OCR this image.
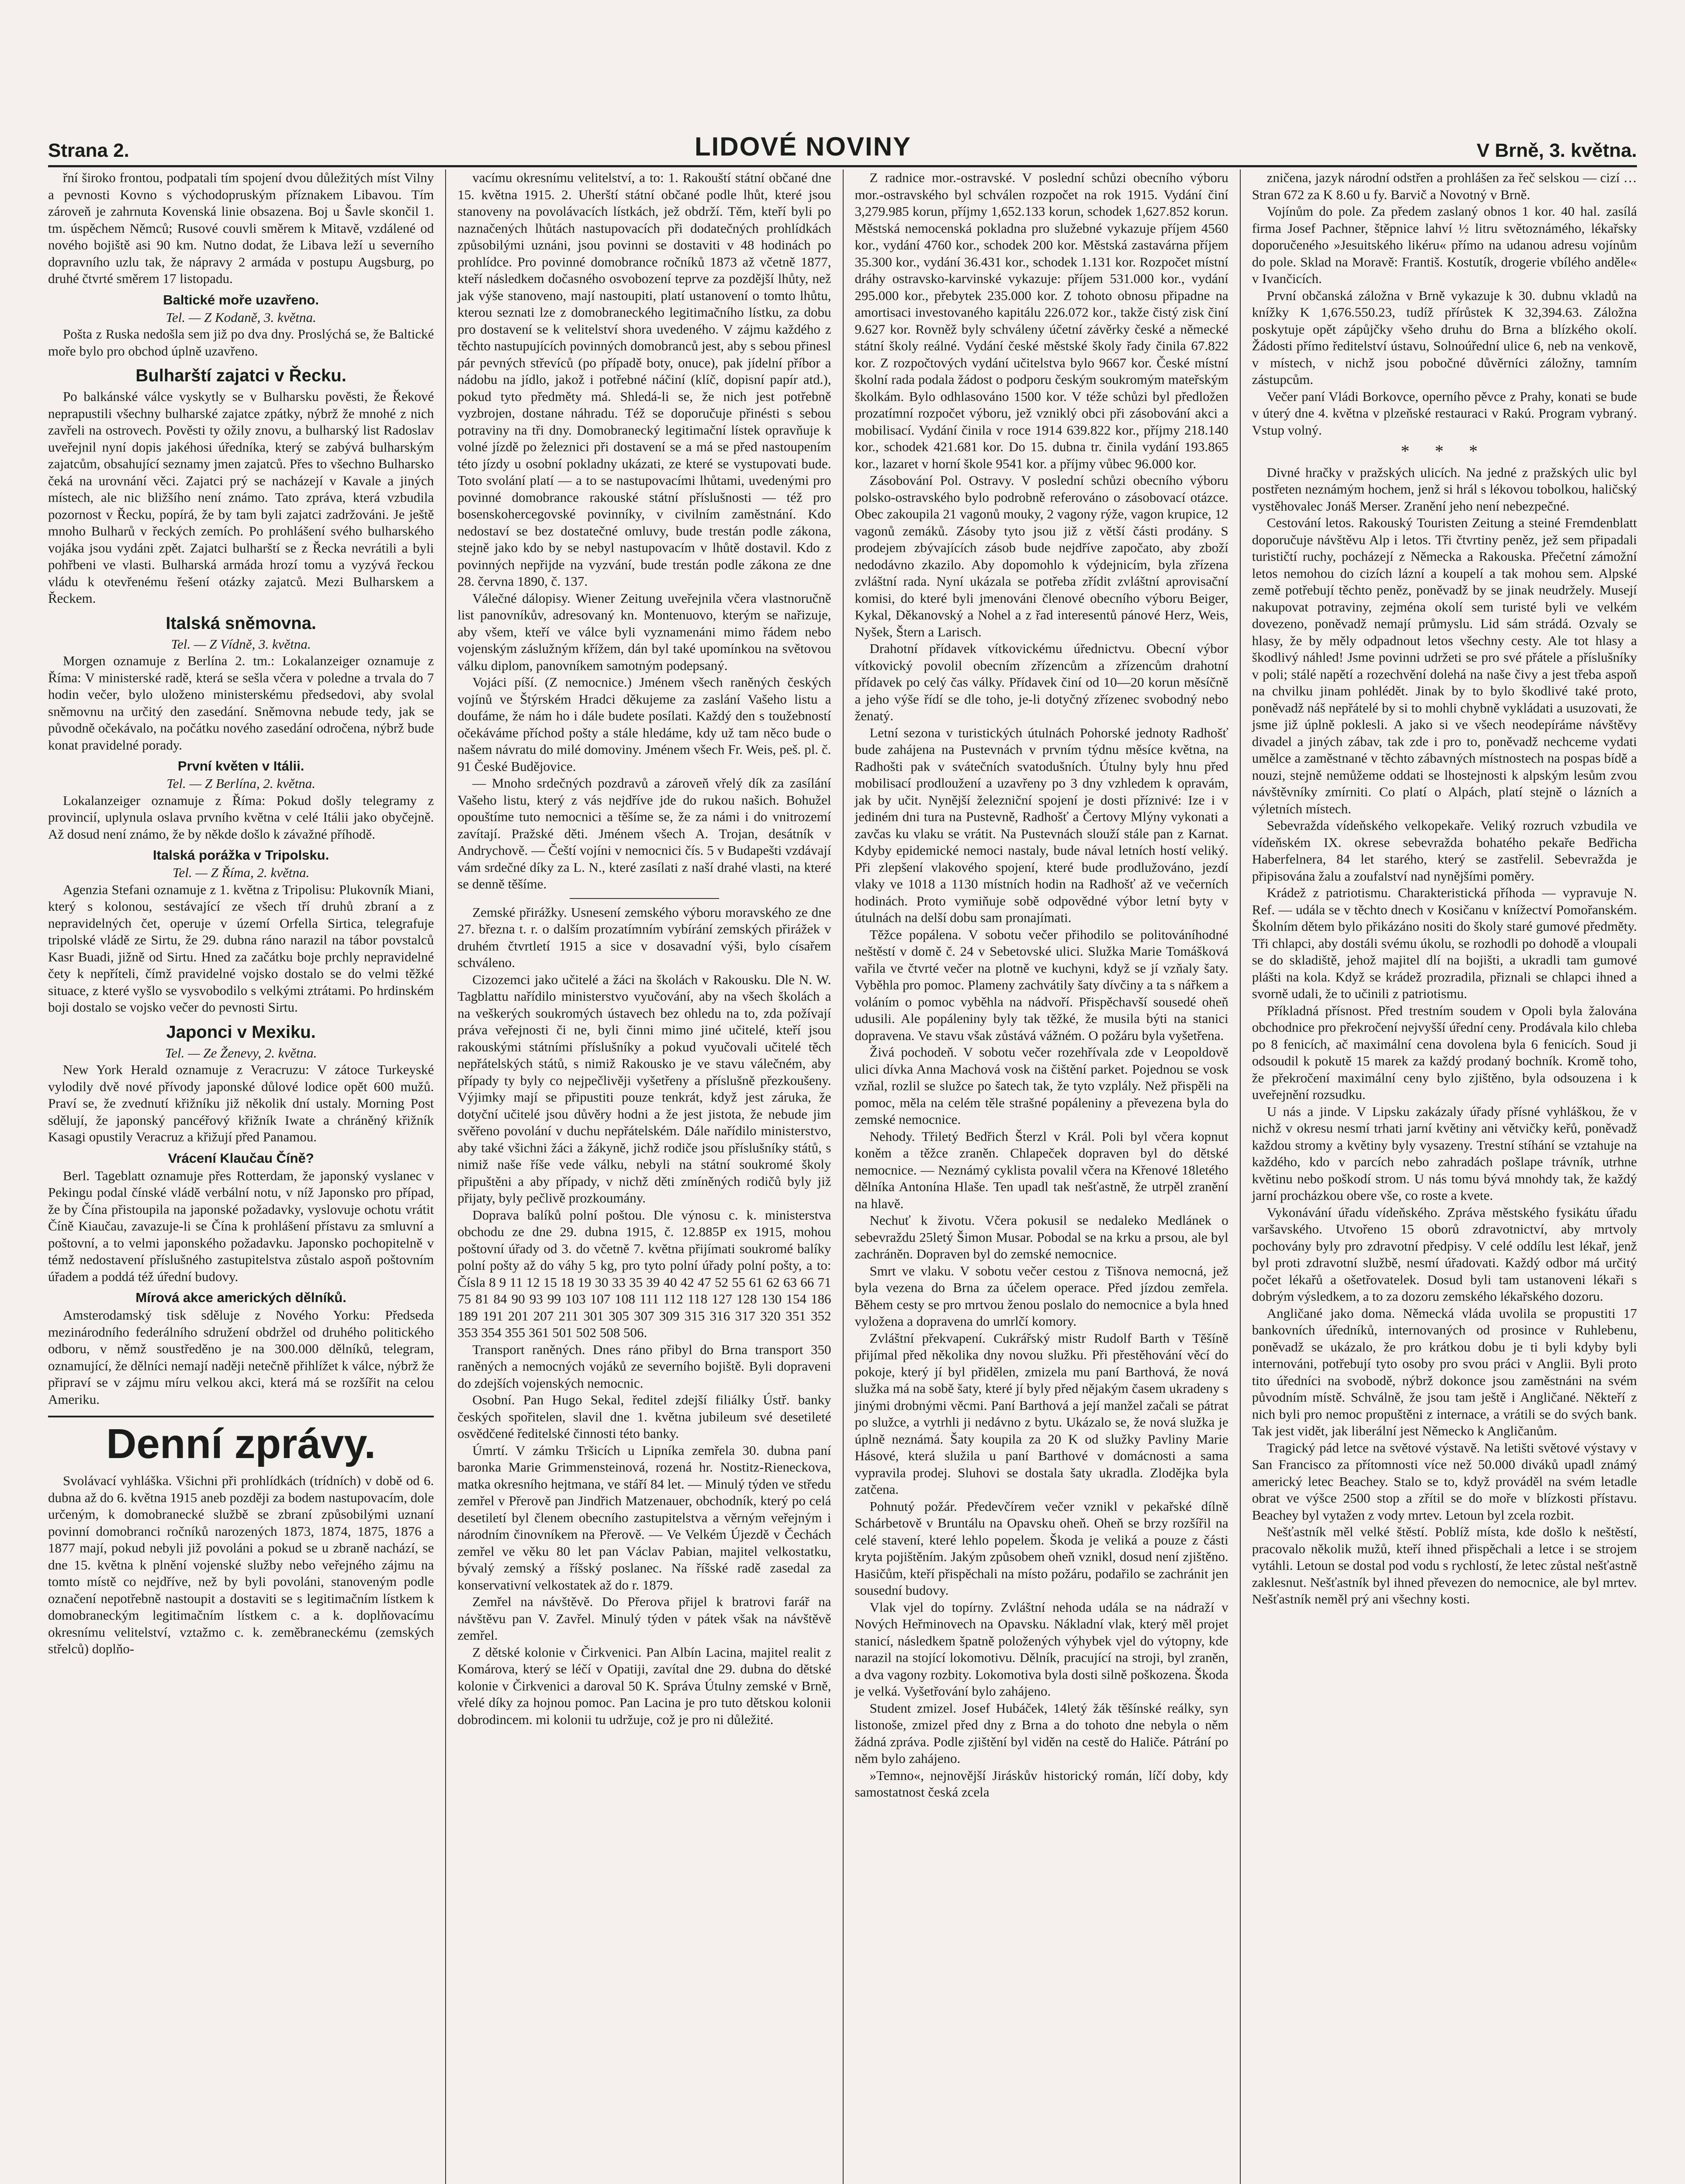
Strana 2.	LIDOVÉ NOVINY	V Brně, 3. května.

řní široko frontou, podpatali tím spojení dvou důležitých míst Vilny a pevnosti Kovno s východopruským příznakem Libavou. Tím zároveň je zahrnuta Kovenská linie obsazena. Boj u Šavle skončil 1. tm. úspěchem Němců; Rusové couvli směrem k Mitavě, vzdálené od nového bojiště asi 90 km. Nutno dodat, že Libava leží u severního dopravního uzlu tak, že nápravy 2 armáda v postupu Augsburg, po druhé čtvrté směrem 17 listopadu.

Baltické moře uzavřeno.

Tel. — Z Kodaně, 3. května.

Pošta z Ruska nedošla sem již po dva dny. Proslýchá se, že Baltické moře bylo pro obchod úplně uzavřeno.

Bulharští zajatci v Řecku.

Po balkánské válce vyskytly se v Bulharsku pověsti, že Řekové neprapustili všechny bulharské zajatce zpátky, nýbrž že mnohé z nich zavřeli na ostrovech. Pověsti ty ožily znovu, a bulharský list Radoslav uveřejnil nyní dopis jakéhosi úředníka, který se zabývá bulharským zajatcům, obsahující seznamy jmen zajatců. Přes to všechno Bulharsko čeká na urovnání věci. Zajatci prý se nacházejí v Kavale a jiných místech, ale nic bližšího není známo. Tato zpráva, která vzbudila pozornost v Řecku, popírá, že by tam byli zajatci zadržováni. Je ještě mnoho Bulharů v řeckých zemích. Po prohlášení svého bulharského vojáka jsou vydáni zpět. Zajatci bulharští se z Řecka nevrátili a byli pohřbeni ve vlasti. Bulharská armáda hrozí tomu a vyzývá řeckou vládu k otevřenému řešení otázky zajatců. Mezi Bulharskem a Řeckem.

Italská sněmovna.

Tel. — Z Vídně, 3. května.

Morgen oznamuje z Berlína 2. tm.: Lokalanzeiger oznamuje z Říma: V ministerské radě, která se sešla včera v poledne a trvala do 7 hodin večer, bylo uloženo ministerskému předsedovi, aby svolal sněmovnu na určitý den zasedání. Sněmovna nebude tedy, jak se původně očekávalo, na počátku nového zasedání odročena, nýbrž bude konat pravidelné porady.

První květen v Itálii.

Tel. — Z Berlína, 2. května.

Lokalanzeiger oznamuje z Říma: Pokud došly telegramy z provincií, uplynula oslava prvního května v celé Itálii jako obyčejně. Až dosud není známo, že by někde došlo k závažné příhodě.

Italská porážka v Tripolsku.

Tel. — Z Říma, 2. května.

Agenzia Stefani oznamuje z 1. května z Tripolisu: Plukovník Miani, který s kolonou, sestávající ze všech tří druhů zbraní a z nepravidelných čet, operuje v území Orfella Sirtica, telegrafuje tripolské vládě ze Sirtu, že 29. dubna ráno narazil na tábor povstalců Kasr Buadi, jižně od Sirtu. Hned za začátku boje prchly nepravidelné čety k nepříteli, čímž pravidelné vojsko dostalo se do velmi těžké situace, z které vyšlo se vysvobodilo s velkými ztrátami. Po hrdinském boji dostalo se vojsko večer do pevnosti Sirtu.

Japonci v Mexiku.

Tel. — Ze Ženevy, 2. května.

New York Herald oznamuje z Veracruzu: V zátoce Turkeyské vylodily dvě nové přívody japonské důlové lodice opět 600 mužů. Praví se, že zvednutí křižníku již několik dní ustaly. Morning Post sdělují, že japonský pancéřový křižník Iwate a chráněný křižník Kasagi opustily Veracruz a křižují před Panamou.

Vrácení Klaučau Číně?

Berl. Tageblatt oznamuje přes Rotterdam, že japonský vyslanec v Pekingu podal čínské vládě verbální notu, v níž Japonsko pro případ, že by Čína přistoupila na japonské požadavky, vyslovuje ochotu vrátit Číně Kiaučau, zavazuje-li se Čína k prohlášení přístavu za smluvní a poštovní, a to velmi japonského požadavku. Japonsko pochopitelně v témž nedostavení příslušného zastupitelstva zůstalo aspoň poštovním úřadem a poddá též úřední budovy.

Mírová akce amerických dělníků.

Amsterodamský tisk sděluje z Nového Yorku: Předseda mezinárodního federálního sdružení obdržel od druhého politického odboru, v němž soustředěno je na 300.000 dělníků, telegram, oznamující, že dělníci nemají naději netečně přihlížet k válce, nýbrž že připraví se v zájmu míru velkou akci, která má se rozšířit na celou Ameriku.

Denní zprávy.

Svolávací vyhláška. Všichni při prohlídkách (trídních) v době od 6. dubna až do 6. května 1915 aneb později za bodem nastupovacím, dole určeným, k domobranecké službě se zbraní způsobilými uznaní povinní domobranci ročníků narozených 1873, 1874, 1875, 1876 a 1877 mají, pokud nebyli již povoláni a pokud se u zbraně nachází, se dne 15. května k plnění vojenské služby nebo veřejného zájmu na tomto místě co nejdříve, než by byli povoláni, stanoveným podle označení nepotřebně nastoupit a dostaviti se s legitimačním lístkem k domobraneckým legitimačním lístkem c. a k. doplňovacímu okresnímu velitelství, vztažmo c. k. zeměbraneckému (zemských střelců) doplňo-

vacímu okresnímu velitelství, a to: 1. Rakouští státní občané dne 15. května 1915. 2. Uherští státní občané podle lhůt, které jsou stanoveny na povolávacích lístkách, jež obdrží. Těm, kteří byli po naznačených lhůtách nastupovacích při dodatečných prohlídkách způsobilými uznáni, jsou povinni se dostaviti v 48 hodinách po prohlídce. Pro povinné domobrance ročníků 1873 až včetně 1877, kteří následkem dočasného osvobození teprve za pozdější lhůty, než jak výše stanoveno, mají nastoupiti, platí ustanovení o tomto lhůtu, kterou seznati lze z domobraneckého legitimačního lístku, za dobu pro dostavení se k velitelství shora uvedeného. V zájmu každého z těchto nastupujících povinných domobranců jest, aby s sebou přinesl pár pevných střevíců (po případě boty, onuce), pak jídelní příbor a nádobu na jídlo, jakož i potřebné náčiní (klíč, dopisní papír atd.), pokud tyto předměty má. Shledá-li se, že nich jest potřebně vyzbrojen, dostane náhradu. Též se doporučuje přinésti s sebou potraviny na tři dny. Domobranecký legitimační lístek opravňuje k volné jízdě po železnici při dostavení se a má se před nastoupením této jízdy u osobní pokladny ukázati, ze které se vystupovati bude. Toto svolání platí — a to se nastupovacími lhůtami, uvedenými pro povinné domobrance rakouské státní příslušnosti — též pro bosenskohercegovské povinníky, v civilním zaměstnání. Kdo nedostaví se bez dostatečné omluvy, bude trestán podle zákona, stejně jako kdo by se nebyl nastupovacím v lhůtě dostavil. Kdo z povinných nepřijde na vyzvání, bude trestán podle zákona ze dne 28. června 1890, č. 137.

Válečné dálopisy. Wiener Zeitung uveřejnila včera vlastnoručně list panovníkův, adresovaný kn. Montenuovo, kterým se nařizuje, aby všem, kteří ve válce byli vyznamenáni mimo řádem nebo vojenským záslužným křížem, dán byl také upomínkou na světovou válku diplom, panovníkem samotným podepsaný.

Vojáci píší. (Z nemocnice.) Jménem všech raněných českých vojínů ve Štýrském Hradci děkujeme za zaslání Vašeho listu a doufáme, že nám ho i dále budete posílati. Každý den s toužebností očekáváme příchod pošty a stále hledáme, kdy už tam něco bude o našem návratu do milé domoviny. Jménem všech Fr. Weis, peš. pl. č. 91 České Budějovice.

— Mnoho srdečných pozdravů a zároveň vřelý dík za zasílání Vašeho listu, který z vás nejdříve jde do rukou našich. Bohužel opouštíme tuto nemocnici a těšíme se, že za námi i do vnitrozemí zavítají. Pražské děti. Jménem všech A. Trojan, desátník v Andrychově. — Čeští vojíni v nemocnici čís. 5 v Budapešti vzdávají vám srdečné díky za L. N., které zasílati z naší drahé vlasti, na které se denně těšíme.

Zemské přirážky. Usnesení zemského výboru moravského ze dne 27. března t. r. o dalším prozatímním vybírání zemských přirážek v druhém čtvrtletí 1915 a sice v dosavadní výši, bylo císařem schváleno.

Cizozemci jako učitelé a žáci na školách v Rakousku. Dle N. W. Tagblattu nařídilo ministerstvo vyučování, aby na všech školách a na veškerých soukromých ústavech bez ohledu na to, zda požívají práva veřejnosti či ne, byli činni mimo jiné učitelé, kteří jsou rakouskými státními příslušníky a pokud vyučovali učitelé těch nepřátelských států, s nimiž Rakousko je ve stavu válečném, aby případy ty byly co nejpečlivěji vyšetřeny a příslušně přezkoušeny. Výjimky mají se připustiti pouze tenkrát, když jest záruka, že dotyční učitelé jsou důvěry hodni a že jest jistota, že nebude jim svěřeno povolání v duchu nepřátelském. Dále nařídilo ministerstvo, aby také všichni žáci a žákyně, jichž rodiče jsou příslušníky států, s nimiž naše říše vede válku, nebyli na státní soukromé školy připuštěni a aby případy, v nichž děti zmíněných rodičů byly již přijaty, byly pečlivě prozkoumány.

Doprava balíků polní poštou. Dle výnosu c. k. ministerstva obchodu ze dne 29. dubna 1915, č. 12.885P ex 1915, mohou poštovní úřady od 3. do včetně 7. května přijímati soukromé balíky polní pošty až do váhy 5 kg, pro tyto polní úřady polní pošty, a to: Čísla 8 9 11 12 15 18 19 30 33 35 39 40 42 47 52 55 61 62 63 66 71 75 81 84 90 93 99 103 107 108 111 112 118 127 128 130 154 186 189 191 201 207 211 301 305 307 309 315 316 317 320 351 352 353 354 355 361 501 502 508 506.

Transport raněných. Dnes ráno přibyl do Brna transport 350 raněných a nemocných vojáků ze severního bojiště. Byli dopraveni do zdejších vojenských nemocnic.

Osobní. Pan Hugo Sekal, ředitel zdejší filiálky Ústř. banky českých spořitelen, slavil dne 1. května jubileum své desetileté osvědčené ředitelské činnosti této banky.

Úmrtí. V zámku Tršicích u Lipníka zemřela 30. dubna paní baronka Marie Grimmensteinová, rozená hr. Nostitz-Rieneckova, matka okresního hejtmana, ve stáří 84 let. — Minulý týden ve středu zemřel v Přerově pan Jindřich Matzenauer, obchodník, který po celá desetiletí byl členem obecního zastupitelstva a věrným veřejným i národním činovníkem na Přerově. — Ve Velkém Újezdě v Čechách zemřel ve věku 80 let pan Václav Pabian, majitel velkostatku, bývalý zemský a říšský poslanec. Na říšské radě zasedal za konservativní velkostatek až do r. 1879.

Zemřel na návštěvě. Do Přerova přijel k bratrovi farář na návštěvu pan V. Zavřel. Minulý týden v pátek však na návštěvě zemřel.

Z dětské kolonie v Čirkvenici. Pan Albín Lacina, majitel realit z Komárova, který se léčí v Opatiji, zavítal dne 29. dubna do dětské kolonie v Čirkvenici a daroval 50 K. Správa Útulny zemské v Brně, vřelé díky za hojnou pomoc. Pan Lacina je pro tuto dětskou kolonii dobrodincem. mi kolonii tu udržuje, což je pro ni důležité.

Z radnice mor.-ostravské. V poslední schůzi obecního výboru mor.-ostravského byl schválen rozpočet na rok 1915. Vydání činí 3,279.985 korun, příjmy 1,652.133 korun, schodek 1,627.852 korun. Městská nemocenská pokladna pro služebné vykazuje příjem 4560 kor., vydání 4760 kor., schodek 200 kor. Městská zastavárna příjem 35.300 kor., vydání 36.431 kor., schodek 1.131 kor. Rozpočet místní dráhy ostravsko-karvinské vykazuje: příjem 531.000 kor., vydání 295.000 kor., přebytek 235.000 kor. Z tohoto obnosu připadne na amortisaci investovaného kapitálu 226.072 kor., takže čistý zisk činí 9.627 kor. Rovněž byly schváleny účetní závěrky české a německé státní školy reálné. Vydání české městské školy řady činila 67.822 kor. Z rozpočtových vydání učitelstva bylo 9667 kor. České místní školní rada podala žádost o podporu českým soukromým mateřským školkám. Bylo odhlasováno 1500 kor. V téže schůzi byl předložen prozatímní rozpočet výboru, jež vzniklý obci při zásobování akci a mobilisací. Vydání činila v roce 1914 639.822 kor., příjmy 218.140 kor., schodek 421.681 kor. Do 15. dubna tr. činila vydání 193.865 kor., lazaret v horní škole 9541 kor. a příjmy vůbec 96.000 kor.

Zásobování Pol. Ostravy. V poslední schůzi obecního výboru polsko-ostravského bylo podrobně referováno o zásobovací otázce. Obec zakoupila 21 vagonů mouky, 2 vagony rýže, vagon krupice, 12 vagonů zemáků. Zásoby tyto jsou již z větší části prodány. S prodejem zbývajících zásob bude nejdříve započato, aby zboží nedodávno zkazilo. Aby dopomohlo k výdejnicím, byla zřízena zvláštní rada. Nyní ukázala se potřeba zřídit zvláštní aprovisační komisi, do které byli jmenováni členové obecního výboru Beiger, Kykal, Děkanovský a Nohel a z řad interesentů pánové Herz, Weis, Nyšek, Štern a Larisch.

Drahotní přídavek vítkovickému úřednictvu. Obecní výbor vítkovický povolil obecním zřízencům a zřízencům drahotní přídavek po celý čas války. Přídavek činí od 10—20 korun měsíčně a jeho výše řídí se dle toho, je-li dotyčný zřízenec svobodný nebo ženatý.

Letní sezona v turistických útulnách Pohorské jednoty Radhošť bude zahájena na Pustevnách v prvním týdnu měsíce května, na Radhošti pak v svátečních svatodušních. Útulny byly hnu před mobilisací prodloužení a uzavřeny po 3 dny vzhledem k opravám, jak by učit. Nynější železniční spojení je dosti příznivé: Ize i v jediném dni tura na Pustevně, Radhošť a Čertovy Mlýny vykonati a zavčas ku vlaku se vrátit. Na Pustevnách slouží stále pan z Karnat. Kdyby epidemické nemoci nastaly, bude nával letních hostí veliký. Při zlepšení vlakového spojení, které bude prodlužováno, jezdí vlaky ve 1018 a 1130 místních hodin na Radhošť až ve večerních hodinách. Proto vymiňuje sobě odpovědné výbor letní byty v útulnách na delší dobu sam pronajímati.

Těžce popálena. V sobotu večer přihodilo se politováníhodné neštěstí v domě č. 24 v Sebetovské ulici. Služka Marie Tomášková vařila ve čtvrté večer na plotně ve kuchyni, když se jí vzňaly šaty. Vyběhla pro pomoc. Plameny zachvátily šaty dívčiny a ta s nářkem a voláním o pomoc vyběhla na nádvoří. Přispěchavší sousedé oheň udusili. Ale popáleniny byly tak těžké, že musila býti na stanici dopravena. Ve stavu však zůstává vážném. O požáru byla vyšetřena.

Živá pochodeň. V sobotu večer rozehřívala zde v Leopoldově ulici dívka Anna Machová vosk na čištění parket. Pojednou se vosk vzňal, rozlil se služce po šatech tak, že tyto vzplály. Než přispěli na pomoc, měla na celém těle strašné popáleniny a převezena byla do zemské nemocnice.

Nehody. Třiletý Bedřich Šterzl v Král. Poli byl včera kopnut koněm a těžce zraněn. Chlapeček dopraven byl do dětské nemocnice. — Neznámý cyklista povalil včera na Křenové 18letého dělníka Antonína Hlaše. Ten upadl tak nešťastně, že utrpěl zranění na hlavě.

Nechuť k životu. Včera pokusil se nedaleko Medlánek o sebevraždu 25letý Šimon Musar. Pobodal se na krku a prsou, ale byl zachráněn. Dopraven byl do zemské nemocnice.

Smrt ve vlaku. V sobotu večer cestou z Tišnova nemocná, jež byla vezena do Brna za účelem operace. Před jízdou zemřela. Během cesty se pro mrtvou ženou poslalo do nemocnice a byla hned vyložena a dopravena do umrlčí komory.

Zvláštní překvapení. Cukrářský mistr Rudolf Barth v Těšíně přijímal před několika dny novou služku. Při přestěhování věcí do pokoje, který jí byl přidělen, zmizela mu paní Barthová, že nová služka má na sobě šaty, které jí byly před nějakým časem ukradeny s jinými drobnými věcmi. Paní Barthová a její manžel začali se pátrat po služce, a vytrhli ji nedávno z bytu. Ukázalo se, že nová služka je úplně neznámá. Šaty koupila za 20 K od služky Pavliny Marie Hásové, která služila u paní Barthové v domácnosti a sama vypravila prodej. Sluhovi se dostala šaty ukradla. Zlodějka byla zatčena.

Pohnutý požár. Předevčírem večer vznikl v pekařské dílně Schárbetově v Bruntálu na Opavsku oheň. Oheň se brzy rozšířil na celé stavení, které lehlo popelem. Škoda je veliká a pouze z části kryta pojištěním. Jakým způsobem oheň vznikl, dosud není zjištěno. Hasičům, kteří přispěchali na místo požáru, podařilo se zachránit jen sousední budovy.

Vlak vjel do topírny. Zvláštní nehoda udála se na nádraží v Nových Heřminovech na Opavsku. Nákladní vlak, který měl projet stanicí, následkem špatně položených výhybek vjel do výtopny, kde narazil na stojící lokomotivu. Dělník, pracující na stroji, byl zraněn, a dva vagony rozbity. Lokomotiva byla dosti silně poškozena. Škoda je velká. Vyšetřování bylo zahájeno.

Student zmizel. Josef Hubáček, 14letý žák těšínské reálky, syn listonoše, zmizel před dny z Brna a do tohoto dne nebyla o něm žádná zpráva. Podle zjištění byl viděn na cestě do Haliče. Pátrání po něm bylo zahájeno.

»Temno«, nejnovější Jiráskův historický román, líčí doby, kdy samostatnost česká zcela

zničena, jazyk národní odstřen a prohlášen za řeč selskou — cizí … Stran 672 za K 8.60 u fy. Barvič a Novotný v Brně.

Vojínům do pole. Za předem zaslaný obnos 1 kor. 40 hal. zasílá firma Josef Pachner, štěpnice lahví ½ litru světoznámého, lékařsky doporučeného »Jesuitského likéru« přímo na udanou adresu vojínům do pole. Sklad na Moravě: Františ. Kostutík, drogerie vbílého anděle« v Ivančicích.

První občanská záložna v Brně vykazuje k 30. dubnu vkladů na knížky K 1,676.550.23, tudíž přírůstek K 32,394.63. Záložna poskytuje opět zápůjčky všeho druhu do Brna a blízkého okolí. Žádosti přímo ředitelství ústavu, Solnoúřední ulice 6, neb na venkově, v místech, v nichž jsou pobočné důvěrníci záložny, tamním zástupcům.

Večer paní Vládi Borkovce, operního pěvce z Prahy, konati se bude v úterý dne 4. května v plzeňské restauraci v Rakú. Program vybraný. Vstup volný.

* * *

Divné hračky v pražských ulicích. Na jedné z pražských ulic byl postřeten neznámým hochem, jenž si hrál s lékovou tobolkou, haličský vystěhovalec Jonáš Merser. Zranění jeho není nebezpečné.

Cestování letos. Rakouský Touristen Zeitung a steiné Fremdenblatt doporučuje návštěvu Alp i letos. Tři čtvrtiny peněz, jež sem připadali turističtí ruchy, pocházejí z Německa a Rakouska. Přečetní zámožní letos nemohou do cizích lázní a koupelí a tak mohou sem. Alpské země potřebují těchto peněz, poněvadž by se jinak neudržely. Musejí nakupovat potraviny, zejména okolí sem turisté byli ve velkém dovezeno, poněvadž nemají průmyslu. Lid sám strádá. Ozvaly se hlasy, že by měly odpadnout letos všechny cesty. Ale tot hlasy a škodlivý náhled! Jsme povinni udržeti se pro své přátele a příslušníky v poli; stálé napětí a rozechvění dolehá na naše čivy a jest třeba aspoň na chvilku jinam pohlédět. Jinak by to bylo škodlivé také proto, poněvadž náš nepřátelé by si to mohli chybně vykládati a usuzovati, že jsme již úplně poklesli. A jako si ve všech neodepíráme návštěvy divadel a jiných zábav, tak zde i pro to, poněvadž nechceme vydati umělce a zaměstnané v těchto zábavných místnostech na pospas bídě a nouzi, stejně nemůžeme oddati se lhostejnosti k alpským lesům zvou návštěvníky zmírniti. Co platí o Alpách, platí stejně o lázních a výletních místech.

Sebevražda vídeňského velkopekaře. Veliký rozruch vzbudila ve vídeňském IX. okrese sebevražda bohatého pekaře Bedřicha Haberfelnera, 84 let starého, který se zastřelil. Sebevražda je připisována žalu a zoufalství nad nynějšími poměry.

Krádež z patriotismu. Charakteristická příhoda — vypravuje N. Ref. — udála se v těchto dnech v Kosičanu v knížectví Pomořanském. Školním dětem bylo přikázáno nositi do školy staré gumové předměty. Tři chlapci, aby dostáli svému úkolu, se rozhodli po dohodě a vloupali se do skladiště, jehož majitel dlí na bojišti, a ukradli tam gumové plášti na kola. Když se krádež prozradila, přiznali se chlapci ihned a svorně udali, že to učinili z patriotismu.

Příkladná přísnost. Před trestním soudem v Opoli byla žalována obchodnice pro překročení nejvyšší úřední ceny. Prodávala kilo chleba po 8 fenicích, ač maximální cena dovolena byla 6 fenicích. Soud ji odsoudil k pokutě 15 marek za každý prodaný bochník. Kromě toho, že překročení maximální ceny bylo zjištěno, byla odsouzena i k uveřejnění rozsudku.

U nás a jinde. V Lipsku zakázaly úřady přísné vyhláškou, že v nichž v okresu nesmí trhati jarní květiny ani větvičky keřů, poněvadž každou stromy a květiny byly vysazeny. Trestní stíhání se vztahuje na každého, kdo v parcích nebo zahradách pošlape trávník, utrhne květinu nebo poškodí strom. U nás tomu bývá mnohdy tak, že každý jarní procházkou obere vše, co roste a kvete.

Vykonávání úřadu vídeňského. Zpráva městského fysikátu úřadu varšavského. Utvořeno 15 oborů zdravotnictví, aby mrtvoly pochovány byly pro zdravotní předpisy. V celé oddílu lest lékař, jenž byl proti zdravotní službě, nesmí úřadovati. Každý odbor má určitý počet lékařů a ošetřovatelek. Dosud byli tam ustanoveni lékaři s dobrým výsledkem, a to za dozoru zemského lékařského dozoru.

Angličané jako doma. Německá vláda uvolila se propustiti 17 bankovních úředníků, internovaných od prosince v Ruhlebenu, poněvadž se ukázalo, že pro krátkou dobu je ti byli kdyby byli internováni, potřebují tyto osoby pro svou práci v Anglii. Byli proto tito úředníci na svobodě, nýbrž dokonce jsou zaměstnáni na svém původním místě. Schválně, že jsou tam ještě i Angličané. Někteří z nich byli pro nemoc propuštěni z internace, a vrátili se do svých bank. Tak jest vidět, jak liberální jest Německo k Angličanům.

Tragický pád letce na světové výstavě. Na letišti světové výstavy v San Francisco za přítomnosti více než 50.000 diváků upadl známý americký letec Beachey. Stalo se to, když prováděl na svém letadle obrat ve výšce 2500 stop a zřítil se do moře v blízkosti přístavu. Beachey byl vytažen z vody mrtev. Letoun byl zcela rozbit.

Nešťastník měl velké štěstí. Poblíž místa, kde došlo k neštěstí, pracovalo několik mužů, kteří ihned přispěchali a letce i se strojem vytáhli. Letoun se dostal pod vodu s rychlostí, že letec zůstal nešťastně zaklesnut. Nešťastník byl ihned převezen do nemocnice, ale byl mrtev. Nešťastník neměl prý ani všechny kosti.
